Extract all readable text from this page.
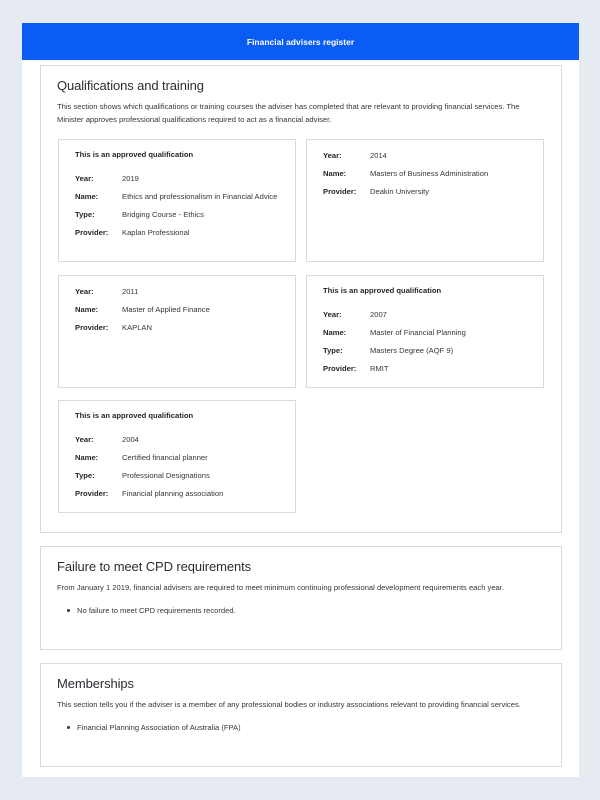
Financial advisers register
Qualifications and training

This section shows which qualifications or training courses the adviser has completed that are relevant to providing financial services. The Minister approves professional qualifications required to act as a financial adviser.

This is an approved qualification
Year:	2019
Name:	Ethics and professionalism in Financial Advice
Type:	Bridging Course - Ethics
Provider:	Kaplan Professional
Year:	2014
Name:	Masters of Business Administration
Provider:	Deakin University
Year:	2011
Name:	Master of Applied Finance
Provider:	KAPLAN
This is an approved qualification
Year:	2007
Name:	Master of Financial Planning
Type:	Masters Degree (AQF 9)
Provider:	RMIT
This is an approved qualification
Year:	2004
Name:	Certified financial planner
Type:	Professional Designations
Provider:	Financial planning association
Failure to meet CPD requirements

From January 1 2019, financial advisers are required to meet minimum continuing professional development requirements each year.

No failure to meet CPD requirements recorded.
Memberships

This section tells you if the adviser is a member of any professional bodies or industry associations relevant to providing financial services.

Financial Planning Association of Australia (FPA)
